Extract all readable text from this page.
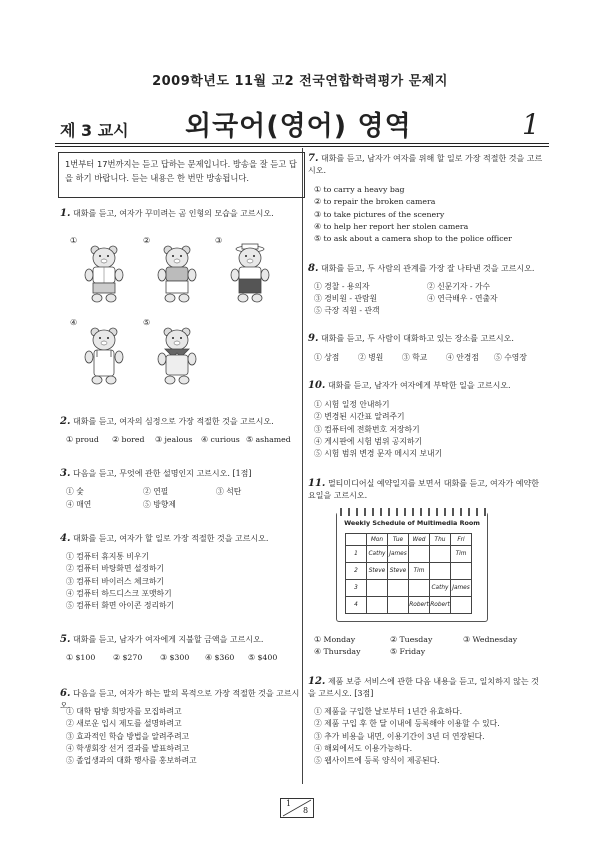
2009학년도 11월 고2 전국연합학력평가 문제지
제 3 교시 외국어(영어) 영역	1
1번부터 17번까지는 듣고 답하는 문제입니다. 방송을 잘 듣고 답을 하기 바랍니다. 듣는 내용은 한 번만 방송됩니다.
1. 대화를 듣고, 여자가 꾸미려는 곰 인형의 모습을 고르시오.
①	②	③
④	⑤
2. 대화를 듣고, 여자의 심정으로 가장 적절한 것을 고르시오.
① proud ② bored ③ jealous ④ curious ⑤ ashamed
3. 다음을 듣고, 무엇에 관한 설명인지 고르시오. [1점]
① 숯	② 연필	③ 석탄
④ 매연	⑤ 방향제
4. 대화를 듣고, 여자가 할 일로 가장 적절한 것을 고르시오.
① 컴퓨터 휴지통 비우기
② 컴퓨터 바탕화면 설정하기
③ 컴퓨터 바이러스 체크하기
④ 컴퓨터 하드디스크 포맷하기
⑤ 컴퓨터 화면 아이콘 정리하기
5. 대화를 듣고, 남자가 여자에게 지불할 금액을 고르시오.
① $100 ② $270 ③ $300 ④ $360 ⑤ $400
6. 다음을 듣고, 여자가 하는 말의 목적으로 가장 적절한 것을 고르시오.
① 대학 탐방 희망자를 모집하려고
② 새로운 입시 제도를 설명하려고
③ 효과적인 학습 방법을 알려주려고
④ 학생회장 선거 결과를 발표하려고
⑤ 졸업생과의 대화 행사를 홍보하려고
7. 대화를 듣고, 남자가 여자를 위해 할 일로 가장 적절한 것을 고르시오.
① to carry a heavy bag
② to repair the broken camera
③ to take pictures of the scenery
④ to help her report her stolen camera
⑤ to ask about a camera shop to the police officer
8. 대화를 듣고, 두 사람의 관계를 가장 잘 나타낸 것을 고르시오.
① 경찰 - 용의자	② 신문기자 - 가수
③ 경비원 - 관람원	④ 연극배우 - 연출자
⑤ 극장 직원 - 관객
9. 대화를 듣고, 두 사람이 대화하고 있는 장소를 고르시오.
① 상점 ② 병원 ③ 학교 ④ 안경점 ⑤ 수영장
10. 대화를 듣고, 남자가 여자에게 부탁한 일을 고르시오.
① 시험 일정 안내하기
② 변경된 시간표 알려주기
③ 컴퓨터에 전화번호 저장하기
④ 게시판에 시험 범위 공지하기
⑤ 시험 범위 변경 문자 메시지 보내기
11. 멀티미디어실 예약일지를 보면서 대화를 듣고, 여자가 예약한 요일을 고르시오.
Weekly Schedule of Multimedia Room
	Mon	Tue	Wed	Thu	Fri
1	Cathy	James			Tim
2	Steve	Steve	Tim		
3				Cathy	James
4			Robert	Robert	
① Monday	② Tuesday	③ Wednesday
④ Thursday	⑤ Friday
12. 제품 보증 서비스에 관한 다음 내용을 듣고, 일치하지 않는 것을 고르시오. [3점]
① 제품을 구입한 날로부터 1년간 유효하다.
② 제품 구입 후 한 달 이내에 등록해야 이용할 수 있다.
③ 추가 비용을 내면, 이용기간이 3년 더 연장된다.
④ 해외에서도 이용가능하다.
⑤ 웹사이트에 등록 양식이 제공된다.
1
8
